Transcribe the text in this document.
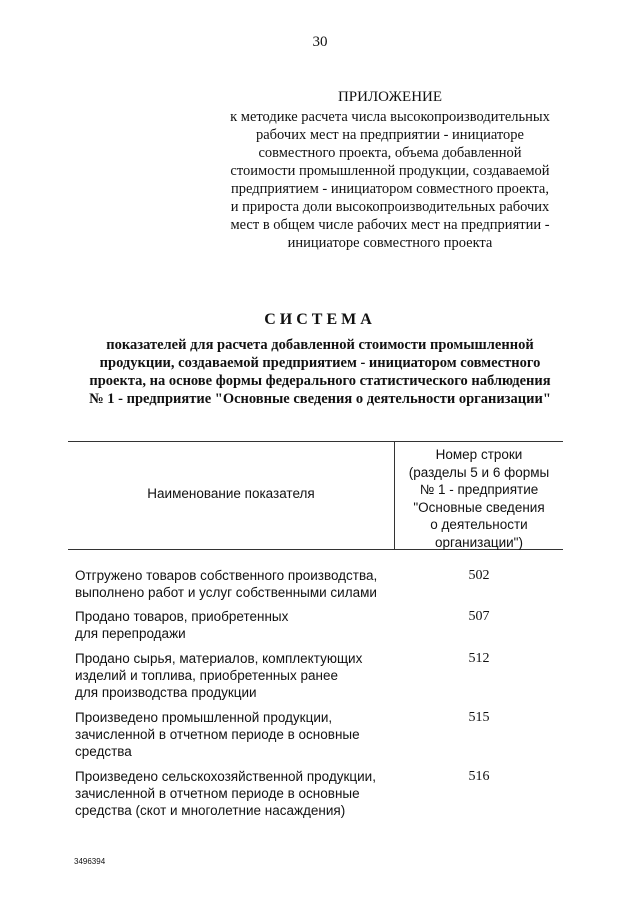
30
ПРИЛОЖЕНИЕ
к методике расчета числа высокопроизводительных
рабочих мест на предприятии - инициаторе
совместного проекта, объема добавленной
стоимости промышленной продукции, создаваемой
предприятием - инициатором совместного проекта,
и прироста доли высокопроизводительных рабочих
мест в общем числе рабочих мест на предприятии -
инициаторе совместного проекта
СИСТЕМА
показателей для расчета добавленной стоимости промышленной
продукции, создаваемой предприятием - инициатором совместного
проекта, на основе формы федерального статистического наблюдения
№ 1 - предприятие "Основные сведения о деятельности организации"
Наименование показателя
Номер строки
(разделы 5 и 6 формы
№ 1 - предприятие
"Основные сведения
о деятельности
организации")
Отгружено товаров собственного производства,
выполнено работ и услуг собственными силами
502
Продано товаров, приобретенных
для перепродажи
507
Продано сырья, материалов, комплектующих
изделий и топлива, приобретенных ранее
для производства продукции
512
Произведено промышленной продукции,
зачисленной в отчетном периоде в основные
средства
515
Произведено сельскохозяйственной продукции,
зачисленной в отчетном периоде в основные
средства (скот и многолетние насаждения)
516
3496394
